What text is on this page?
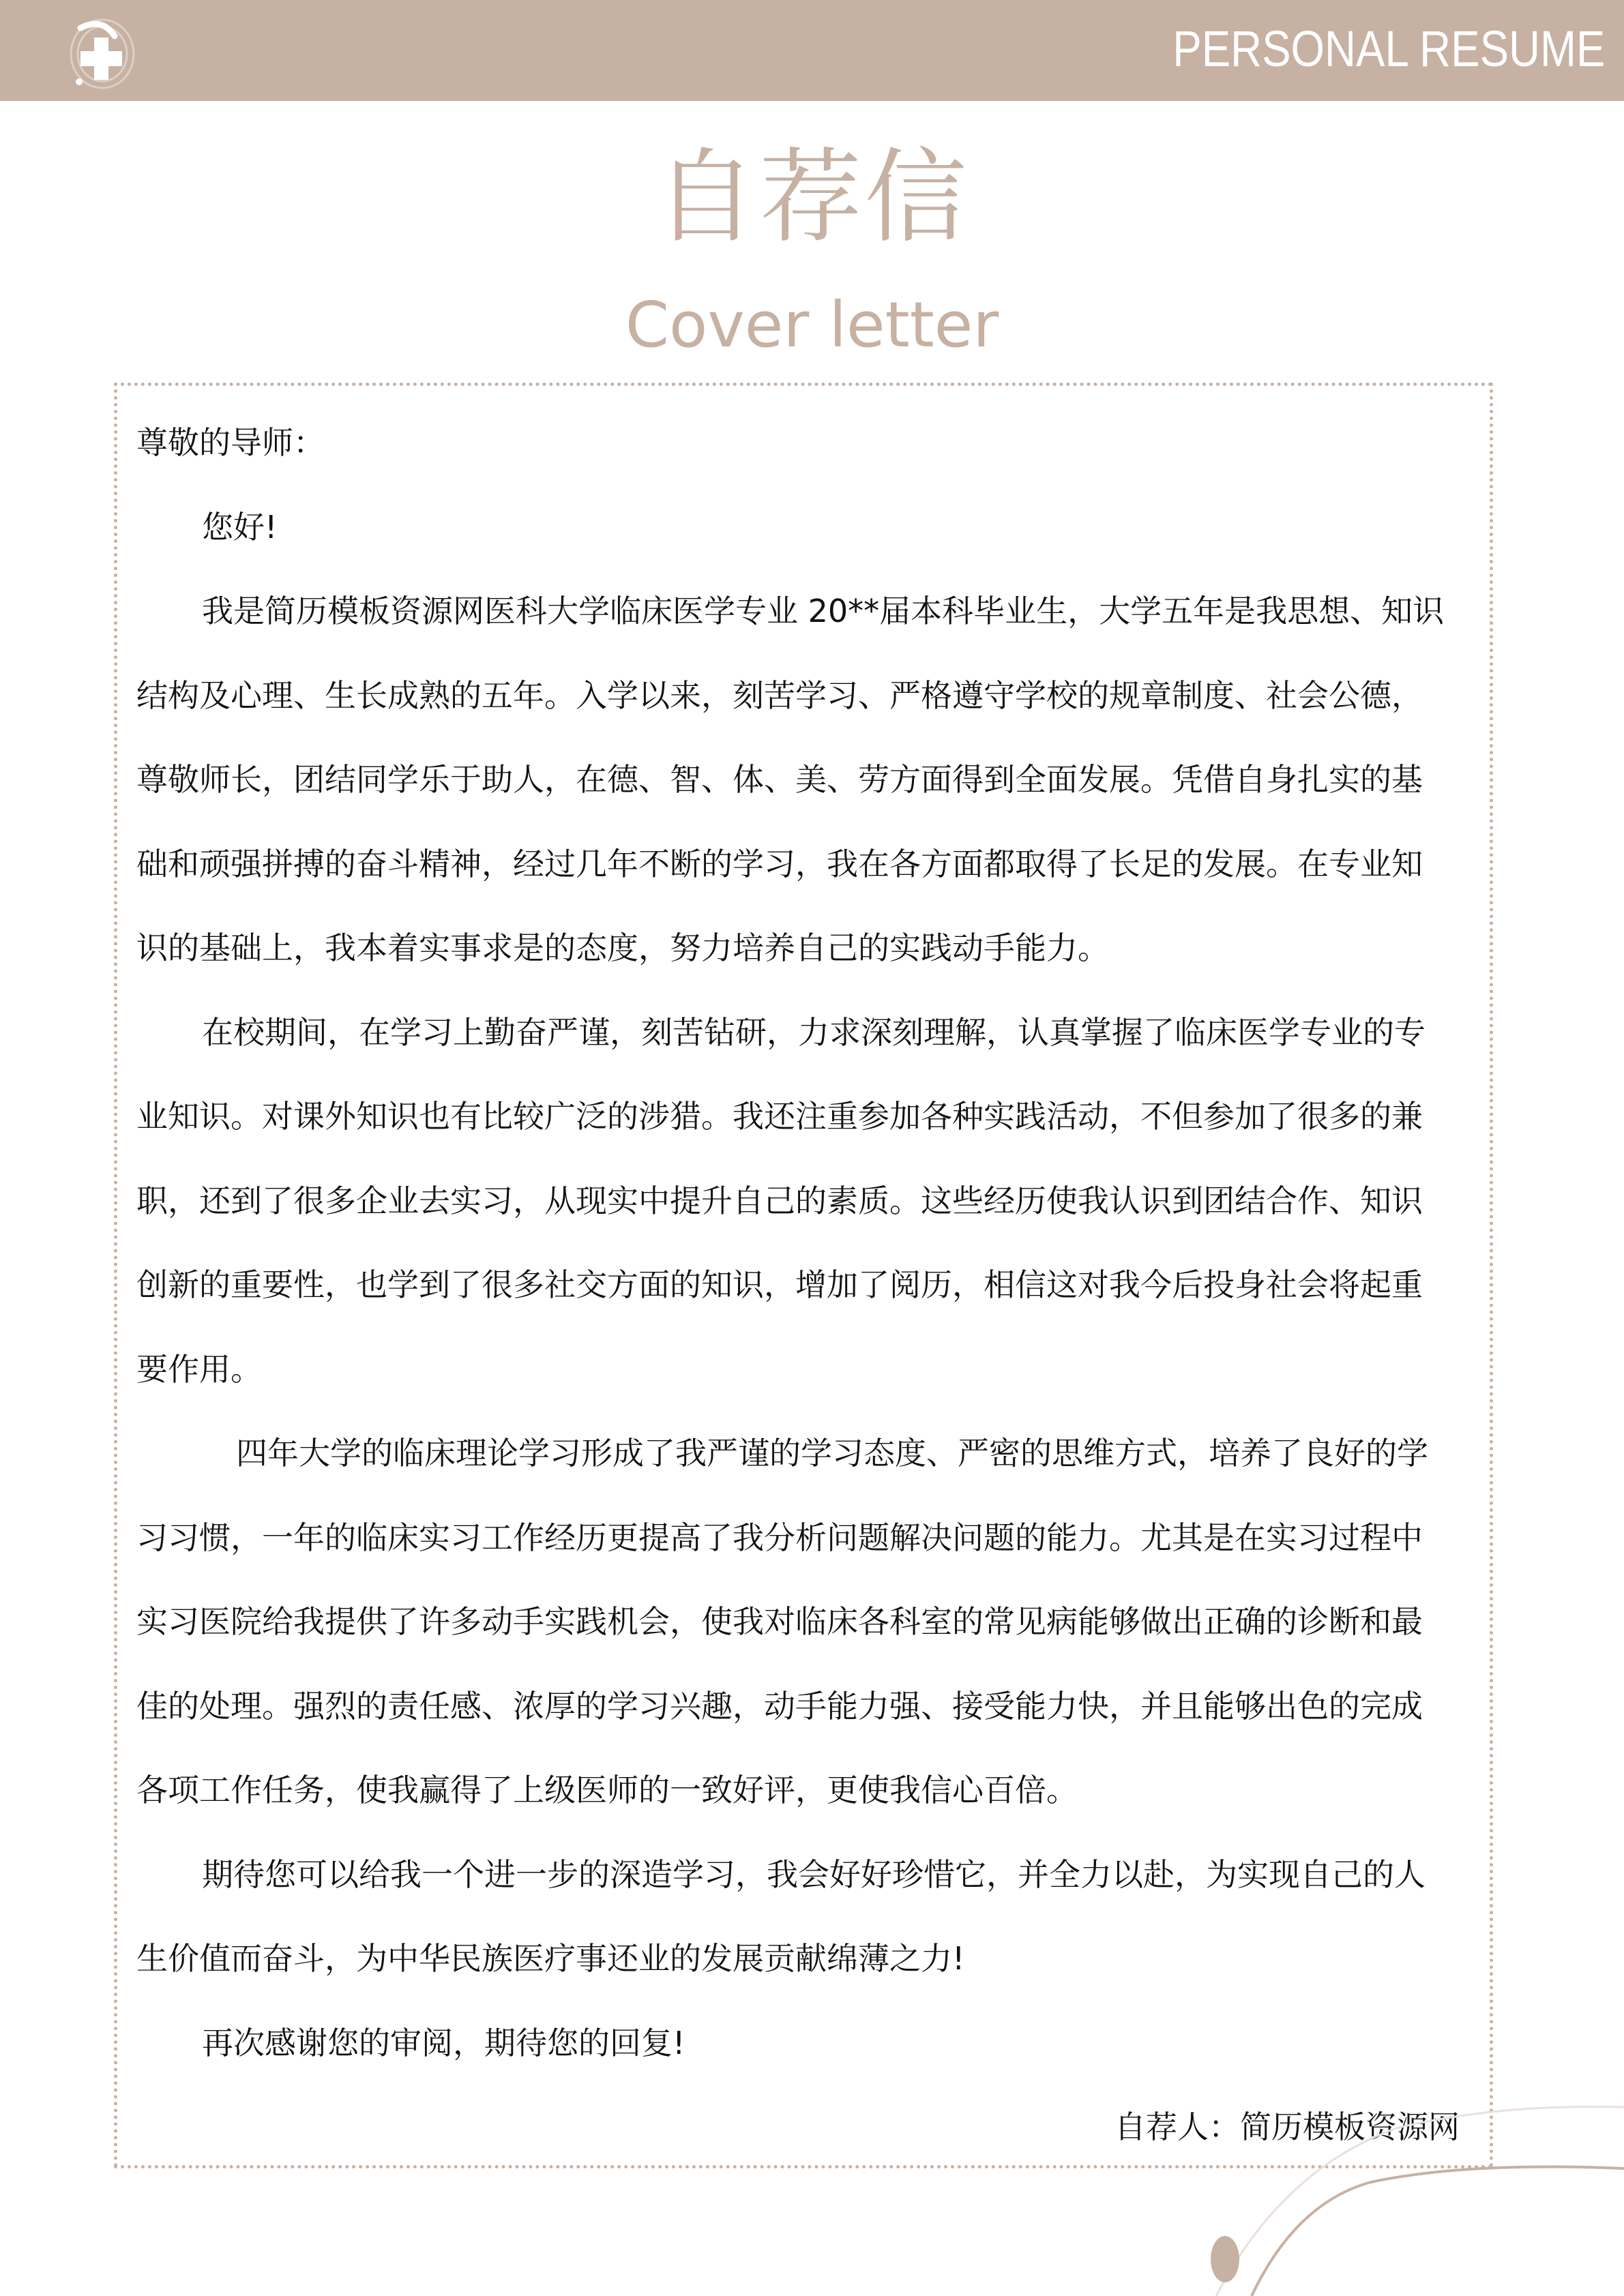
PERSONAL RESUME
自荐信
Cover letter
尊敬的导师：
您好!
我是简历模板资源网医科大学临床医学专业 20**届本科毕业生，大学五年是我思想、知识
结构及心理、生长成熟的五年。入学以来，刻苦学习、严格遵守学校的规章制度、社会公德，
尊敬师长，团结同学乐于助人，在德、智、体、美、劳方面得到全面发展。凭借自身扎实的基
础和顽强拼搏的奋斗精神，经过几年不断的学习，我在各方面都取得了长足的发展。在专业知
识的基础上，我本着实事求是的态度，努力培养自己的实践动手能力。
在校期间，在学习上勤奋严谨，刻苦钻研，力求深刻理解，认真掌握了临床医学专业的专
业知识。对课外知识也有比较广泛的涉猎。我还注重参加各种实践活动，不但参加了很多的兼
职，还到了很多企业去实习，从现实中提升自己的素质。这些经历使我认识到团结合作、知识
创新的重要性，也学到了很多社交方面的知识，增加了阅历，相信这对我今后投身社会将起重
要作用。
四年大学的临床理论学习形成了我严谨的学习态度、严密的思维方式，培养了良好的学
习习惯，一年的临床实习工作经历更提高了我分析问题解决问题的能力。尤其是在实习过程中
实习医院给我提供了许多动手实践机会，使我对临床各科室的常见病能够做出正确的诊断和最
佳的处理。强烈的责任感、浓厚的学习兴趣，动手能力强、接受能力快，并且能够出色的完成
各项工作任务，使我赢得了上级医师的一致好评，更使我信心百倍。
期待您可以给我一个进一步的深造学习，我会好好珍惜它，并全力以赴，为实现自己的人
生价值而奋斗，为中华民族医疗事还业的发展贡献绵薄之力!
再次感谢您的审阅，期待您的回复!
自荐人：简历模板资源网
